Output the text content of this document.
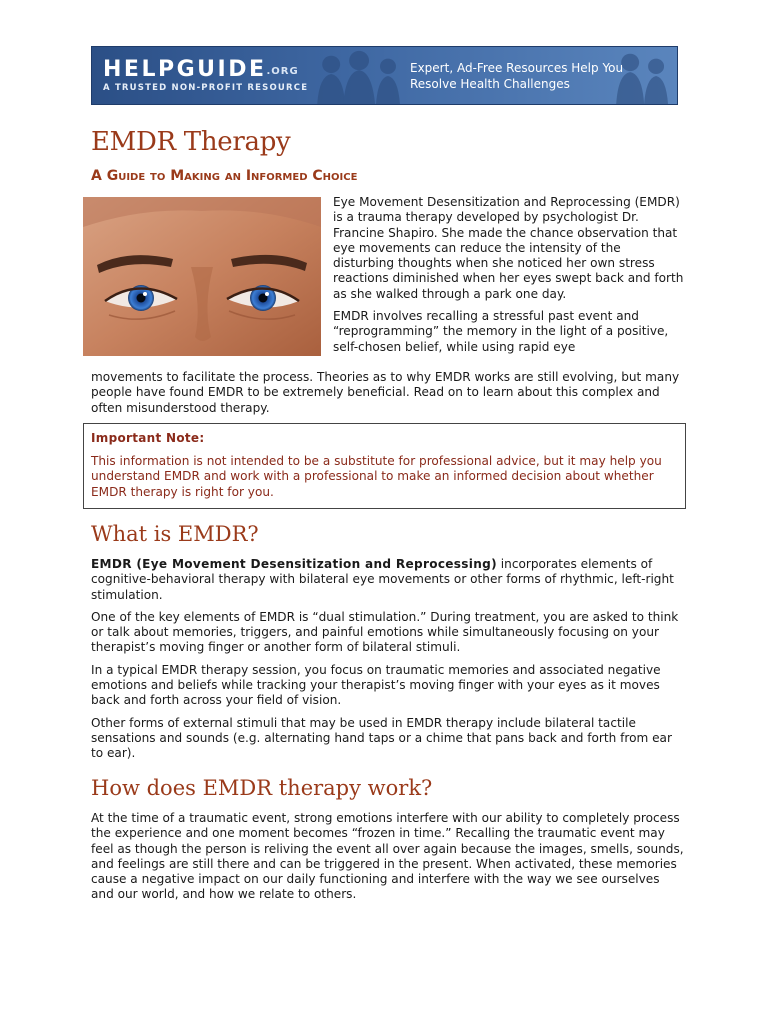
HELPGUIDE.ORG
A TRUSTED NON-PROFIT RESOURCE
Expert, Ad-Free Resources Help You
Resolve Health Challenges
EMDR Therapy
A Guide to Making an Informed Choice

Eye Movement Desensitization and Reprocessing (EMDR) is a trauma therapy developed by psychologist Dr. Francine Shapiro. She made the chance observation that eye movements can reduce the intensity of the disturbing thoughts when she noticed her own stress reactions diminished when her eyes swept back and forth as she walked through a park one day.

EMDR involves recalling a stressful past event and “reprogramming” the memory in the light of a positive, self-chosen belief, while using rapid eye

movements to facilitate the process. Theories as to why EMDR works are still evolving, but many people have found EMDR to be extremely beneficial. Read on to learn about this complex and often misunderstood therapy.
Important Note:
This information is not intended to be a substitute for professional advice, but it may help you understand EMDR and work with a professional to make an informed decision about whether EMDR therapy is right for you.
What is EMDR?

EMDR (Eye Movement Desensitization and Reprocessing) incorporates elements of cognitive-behavioral therapy with bilateral eye movements or other forms of rhythmic, left-right stimulation.

One of the key elements of EMDR is “dual stimulation.” During treatment, you are asked to think or talk about memories, triggers, and painful emotions while simultaneously focusing on your therapist’s moving finger or another form of bilateral stimuli.

In a typical EMDR therapy session, you focus on traumatic memories and associated negative emotions and beliefs while tracking your therapist’s moving finger with your eyes as it moves back and forth across your field of vision.

Other forms of external stimuli that may be used in EMDR therapy include bilateral tactile sensations and sounds (e.g. alternating hand taps or a chime that pans back and forth from ear to ear).

How does EMDR therapy work?

At the time of a traumatic event, strong emotions interfere with our ability to completely process the experience and one moment becomes “frozen in time.” Recalling the traumatic event may feel as though the person is reliving the event all over again because the images, smells, sounds, and feelings are still there and can be triggered in the present. When activated, these memories cause a negative impact on our daily functioning and interfere with the way we see ourselves and our world, and how we relate to others.
